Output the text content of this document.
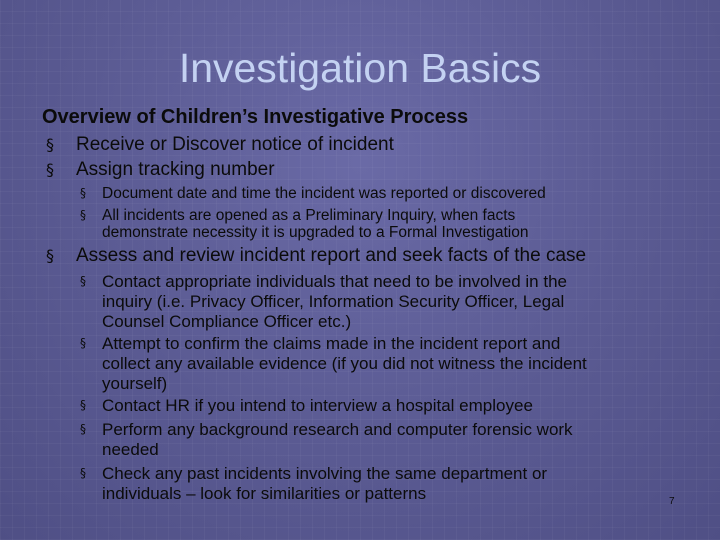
Investigation Basics
Overview of Children’s Investigative Process
§ Receive or Discover notice of incident
§ Assign tracking number
§ Document date and time the incident was reported or discovered
§ All incidents are opened as a Preliminary Inquiry, when facts
demonstrate necessity it is upgraded to a Formal Investigation
§ Assess and review incident report and seek facts of the case
§ Contact appropriate individuals that need to be involved in the
inquiry (i.e. Privacy Officer, Information Security Officer, Legal
Counsel Compliance Officer etc.)
§ Attempt to confirm the claims made in the incident report and
collect any available evidence (if you did not witness the incident
yourself)
§ Contact HR if you intend to interview a hospital employee
§ Perform any background research and computer forensic work
needed
§ Check any past incidents involving the same department or
individuals – look for similarities or patterns	7
